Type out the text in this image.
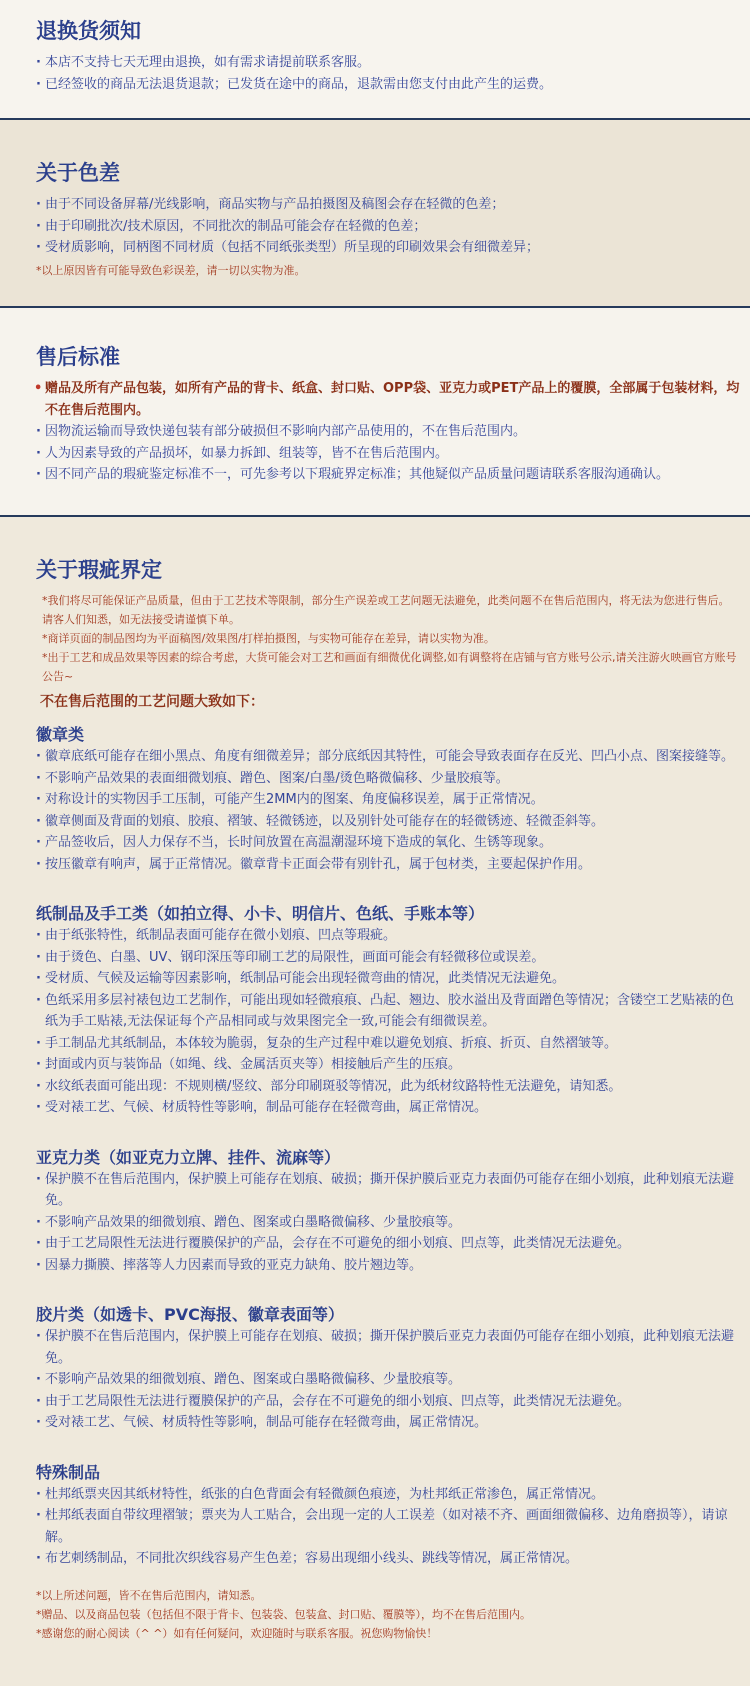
退换货须知

· 本店不支持七天无理由退换，如有需求请提前联系客服。

· 已经签收的商品无法退货退款；已发货在途中的商品，退款需由您支付由此产生的运费。

关于色差

· 由于不同设备屏幕/光线影响，商品实物与产品拍摄图及稿图会存在轻微的色差；

· 由于印刷批次/技术原因，不同批次的制品可能会存在轻微的色差；

· 受材质影响，同柄图不同材质（包括不同纸张类型）所呈现的印刷效果会有细微差异；

*以上原因皆有可能导致色彩误差，请一切以实物为准。

售后标准

• 赠品及所有产品包装，如所有产品的背卡、纸盒、封口贴、OPP袋、亚克力或PET产品上的覆膜，全部属于包装材料，均不在售后范围内。

· 因物流运输而导致快递包装有部分破损但不影响内部产品使用的，不在售后范围内。

· 人为因素导致的产品损坏，如暴力拆卸、组装等，皆不在售后范围内。

· 因不同产品的瑕疵鉴定标准不一，可先参考以下瑕疵界定标准；其他疑似产品质量问题请联系客服沟通确认。

关于瑕疵界定

*我们将尽可能保证产品质量，但由于工艺技术等限制，部分生产误差或工艺问题无法避免，此类问题不在售后范围内，将无法为您进行售后。请客人们知悉，如无法接受请谨慎下单。

*商详页面的制品图均为平面稿图/效果图/打样拍摄图，与实物可能存在差异，请以实物为准。

*出于工艺和成品效果等因素的综合考虑，大货可能会对工艺和画面有细微优化调整,如有调整将在店铺与官方账号公示,请关注游火映画官方账号公告~

不在售后范围的工艺问题大致如下：
徽章类

· 徽章底纸可能存在细小黑点、角度有细微差异；部分底纸因其特性，可能会导致表面存在反光、凹凸小点、图案接缝等。

· 不影响产品效果的表面细微划痕、蹭色、图案/白墨/烫色略微偏移、少量胶痕等。

· 对称设计的实物因手工压制，可能产生2MM内的图案、角度偏移误差，属于正常情况。

· 徽章侧面及背面的划痕、胶痕、褶皱、轻微锈迹，以及别针处可能存在的轻微锈迹、轻微歪斜等。

· 产品签收后，因人力保存不当，长时间放置在高温潮湿环境下造成的氧化、生锈等现象。

· 按压徽章有响声，属于正常情况。徽章背卡正面会带有别针孔，属于包材类，主要起保护作用。

纸制品及手工类（如拍立得、小卡、明信片、色纸、手账本等）

· 由于纸张特性，纸制品表面可能存在微小划痕、凹点等瑕疵。

· 由于烫色、白墨、UV、钢印深压等印刷工艺的局限性，画面可能会有轻微移位或误差。

· 受材质、气候及运输等因素影响，纸制品可能会出现轻微弯曲的情况，此类情况无法避免。

· 色纸采用多层衬裱包边工艺制作，可能出现如轻微痕痕、凸起、翘边、胶水溢出及背面蹭色等情况；含镂空工艺贴裱的色纸为手工贴裱,无法保证每个产品相同或与效果图完全一致,可能会有细微误差。

· 手工制品尤其纸制品，本体较为脆弱，复杂的生产过程中难以避免划痕、折痕、折页、自然褶皱等。

· 封面或内页与装饰品（如绳、线、金属活页夹等）相接触后产生的压痕。

· 水纹纸表面可能出现：不规则横/竖纹、部分印刷斑驳等情况，此为纸材纹路特性无法避免，请知悉。

· 受对裱工艺、气候、材质特性等影响，制品可能存在轻微弯曲，属正常情况。

亚克力类（如亚克力立牌、挂件、流麻等）

· 保护膜不在售后范围内，保护膜上可能存在划痕、破损；撕开保护膜后亚克力表面仍可能存在细小划痕，此种划痕无法避免。

· 不影响产品效果的细微划痕、蹭色、图案或白墨略微偏移、少量胶痕等。

· 由于工艺局限性无法进行覆膜保护的产品，会存在不可避免的细小划痕、凹点等，此类情况无法避免。

· 因暴力撕膜、摔落等人力因素而导致的亚克力缺角、胶片翘边等。

胶片类（如透卡、PVC海报、徽章表面等）

· 保护膜不在售后范围内，保护膜上可能存在划痕、破损；撕开保护膜后亚克力表面仍可能存在细小划痕，此种划痕无法避免。

· 不影响产品效果的细微划痕、蹭色、图案或白墨略微偏移、少量胶痕等。

· 由于工艺局限性无法进行覆膜保护的产品，会存在不可避免的细小划痕、凹点等，此类情况无法避免。

· 受对裱工艺、气候、材质特性等影响，制品可能存在轻微弯曲，属正常情况。

特殊制品

· 杜邦纸票夹因其纸材特性，纸张的白色背面会有轻微颜色痕迹，为杜邦纸正常渗色，属正常情况。

· 杜邦纸表面自带纹理褶皱；票夹为人工贴合，会出现一定的人工误差（如对裱不齐、画面细微偏移、边角磨损等），请谅解。

· 布艺刺绣制品，不同批次织线容易产生色差；容易出现细小线头、跳线等情况，属正常情况。

*以上所述问题，皆不在售后范围内，请知悉。

*赠品、以及商品包装（包括但不限于背卡、包装袋、包装盒、封口贴、覆膜等），均不在售后范围内。

*感谢您的耐心阅读（^ ^）如有任何疑问，欢迎随时与联系客服。祝您购物愉快！
